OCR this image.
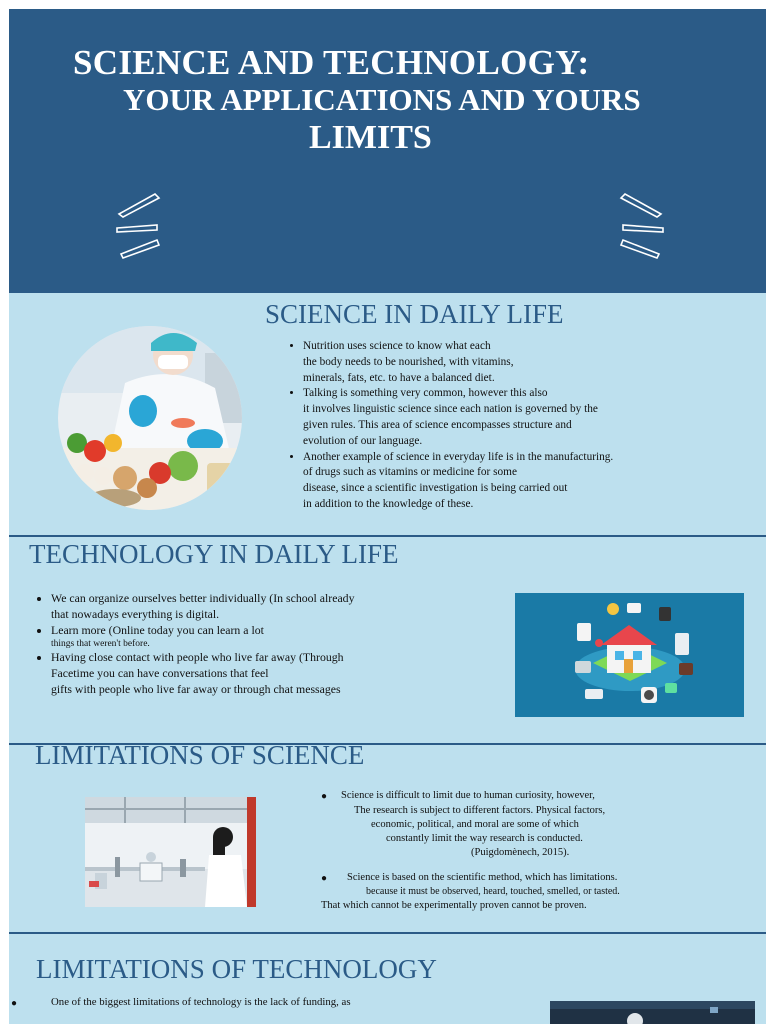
SCIENCE AND TECHNOLOGY:
YOUR APPLICATIONS AND YOURS
LIMITS
SCIENCE IN DAILY LIFE
• Nutrition uses science to know what each
the body needs to be nourished, with vitamins,
minerals, fats, etc. to have a balanced diet.
• Talking is something very common, however this also
it involves linguistic science since each nation is governed by the
given rules. This area of science encompasses structure and
evolution of our language.
• Another example of science in everyday life is in the manufacturing.
of drugs such as vitamins or medicine for some
disease, since a scientific investigation is being carried out
in addition to the knowledge of these.
TECHNOLOGY IN DAILY LIFE
• We can organize ourselves better individually (In school already
that nowadays everything is digital.
• Learn more (Online today you can learn a lot
things that weren't before.
• Having close contact with people who live far away (Through
Facetime you can have conversations that feel
gifts with people who live far away or through chat messages
LIMITATIONS OF SCIENCE
● Science is difficult to limit due to human curiosity, however,
The research is subject to different factors. Physical factors,
economic, political, and moral are some of which
constantly limit the way research is conducted.
(Puigdomènech, 2015).
● Science is based on the scientific method, which has limitations.
because it must be observed, heard, touched, smelled, or tasted.
That which cannot be experimentally proven cannot be proven.
LIMITATIONS OF TECHNOLOGY
●	One of the biggest limitations of technology is the lack of funding, as
